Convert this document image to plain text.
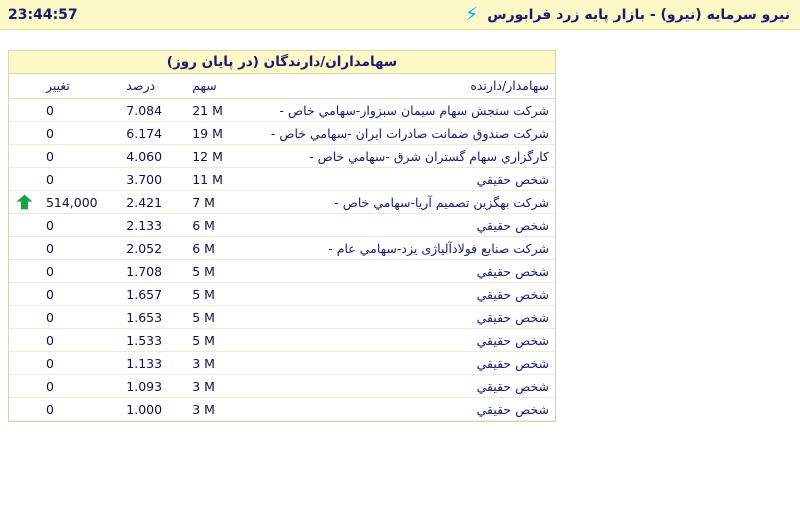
23:44:57	⚡ نیرو سرمایه (نیرو) - بازار پایه زرد فرابورس
سهامداران/دارندگان (در پایان روز)
سهامدار/دارنده	سهم	درصد	تغییر	
شرکت سنجش سهام سیمان سبزوار-سهامي خاص -	21 M	7.084	0	
شرکت صندوق ضمانت صادرات ایران -سهامي خاص -	19 M	6.174	0	
کارگزاري سهام گستران شرق -سهامي خاص -	12 M	4.060	0	
شخص حقيقي	11 M	3.700	0	
شرکت بهگزین تصمیم آریا-سهامي خاص -	7 M	2.421	514,000	
شخص حقيقي	6 M	2.133	0	
شرکت صنایع فولادآلیاژی یزد-سهامي عام -	6 M	2.052	0	
شخص حقيقي	5 M	1.708	0	
شخص حقيقي	5 M	1.657	0	
شخص حقيقي	5 M	1.653	0	
شخص حقيقي	5 M	1.533	0	
شخص حقيقي	3 M	1.133	0	
شخص حقيقي	3 M	1.093	0	
شخص حقيقي	3 M	1.000	0	
